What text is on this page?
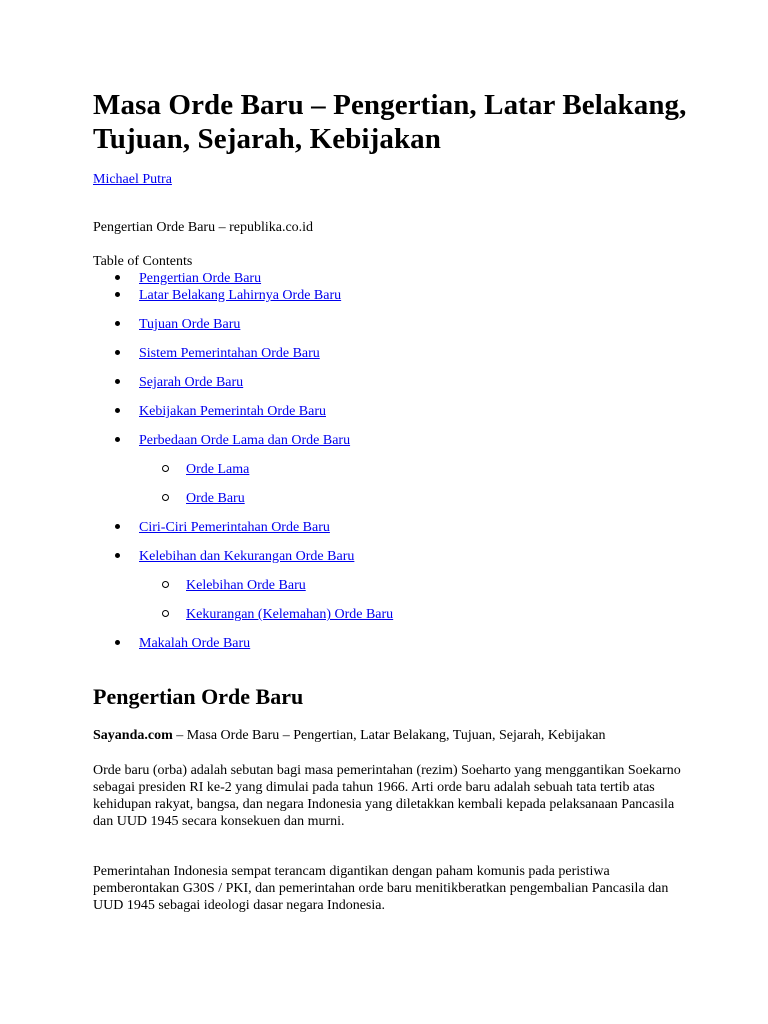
Masa Orde Baru – Pengertian, Latar Belakang, Tujuan, Sejarah, Kebijakan
Michael Putra
Pengertian Orde Baru – republika.co.id
Table of Contents
Pengertian Orde Baru
Latar Belakang Lahirnya Orde Baru
Tujuan Orde Baru
Sistem Pemerintahan Orde Baru
Sejarah Orde Baru
Kebijakan Pemerintah Orde Baru
Perbedaan Orde Lama dan Orde Baru
Orde Lama
Orde Baru
Ciri-Ciri Pemerintahan Orde Baru
Kelebihan dan Kekurangan Orde Baru
Kelebihan Orde Baru
Kekurangan (Kelemahan) Orde Baru
Makalah Orde Baru
Pengertian Orde Baru

Sayanda.com – Masa Orde Baru – Pengertian, Latar Belakang, Tujuan, Sejarah, Kebijakan

Orde baru (orba) adalah sebutan bagi masa pemerintahan (rezim) Soeharto yang menggantikan Soekarno sebagai presiden RI ke-2 yang dimulai pada tahun 1966. Arti orde baru adalah sebuah tata tertib atas kehidupan rakyat, bangsa, dan negara Indonesia yang diletakkan kembali kepada pelaksanaan Pancasila dan UUD 1945 secara konsekuen dan murni.

Pemerintahan Indonesia sempat terancam digantikan dengan paham komunis pada peristiwa pemberontakan G30S / PKI, dan pemerintahan orde baru menitikberatkan pengembalian Pancasila dan UUD 1945 sebagai ideologi dasar negara Indonesia.
